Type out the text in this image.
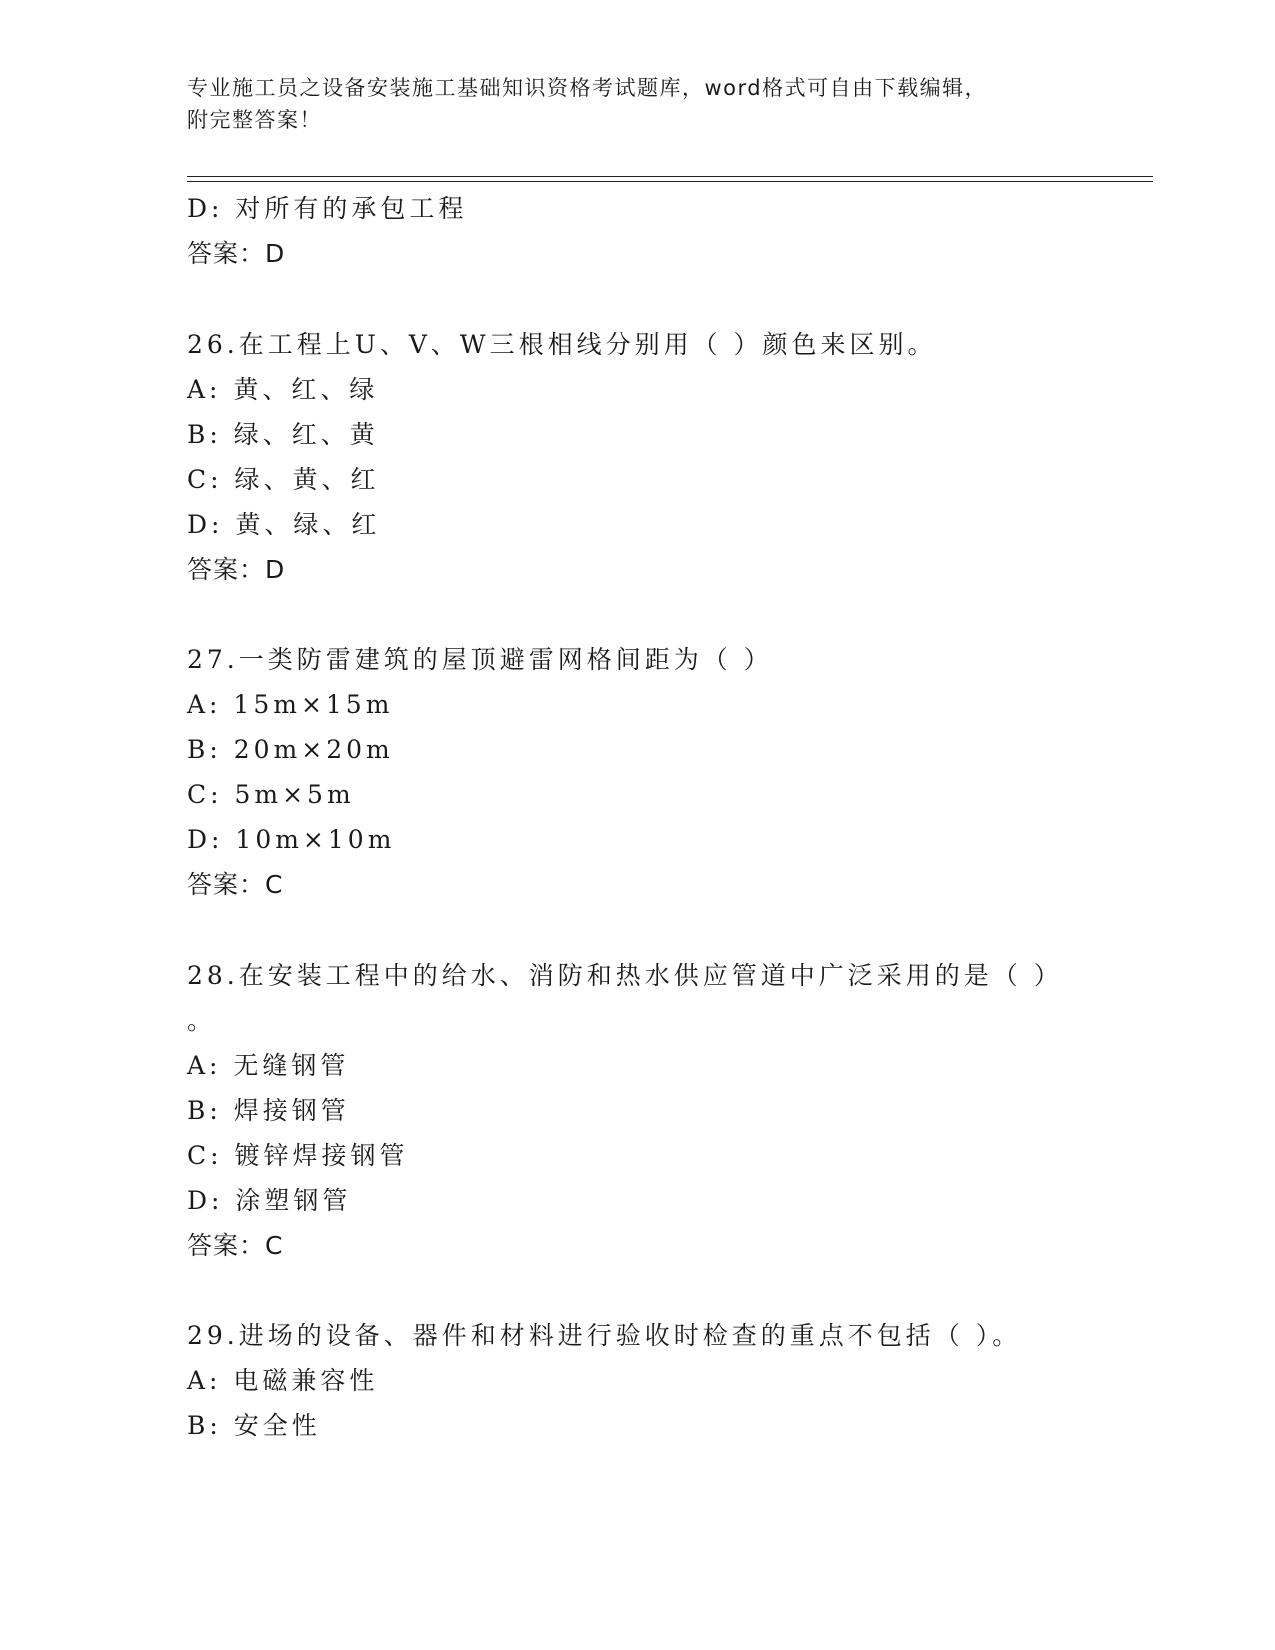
专业施工员之设备安装施工基础知识资格考试题库，word格式可自由下载编辑，
附完整答案！
D: 对所有的承包工程
答案：D
26.在工程上U、V、W三根相线分别用（ ）颜色来区别。
A: 黄、红、绿
B: 绿、红、黄
C: 绿、黄、红
D: 黄、绿、红
答案：D
27.一类防雷建筑的屋顶避雷网格间距为（ ）
A: 15m×15m
B: 20m×20m
C: 5m×5m
D: 10m×10m
答案：C
28.在安装工程中的给水、消防和热水供应管道中广泛采用的是（ ）
。
A: 无缝钢管
B: 焊接钢管
C: 镀锌焊接钢管
D: 涂塑钢管
答案：C
29.进场的设备、器件和材料进行验收时检查的重点不包括（ ）。
A: 电磁兼容性
B: 安全性
